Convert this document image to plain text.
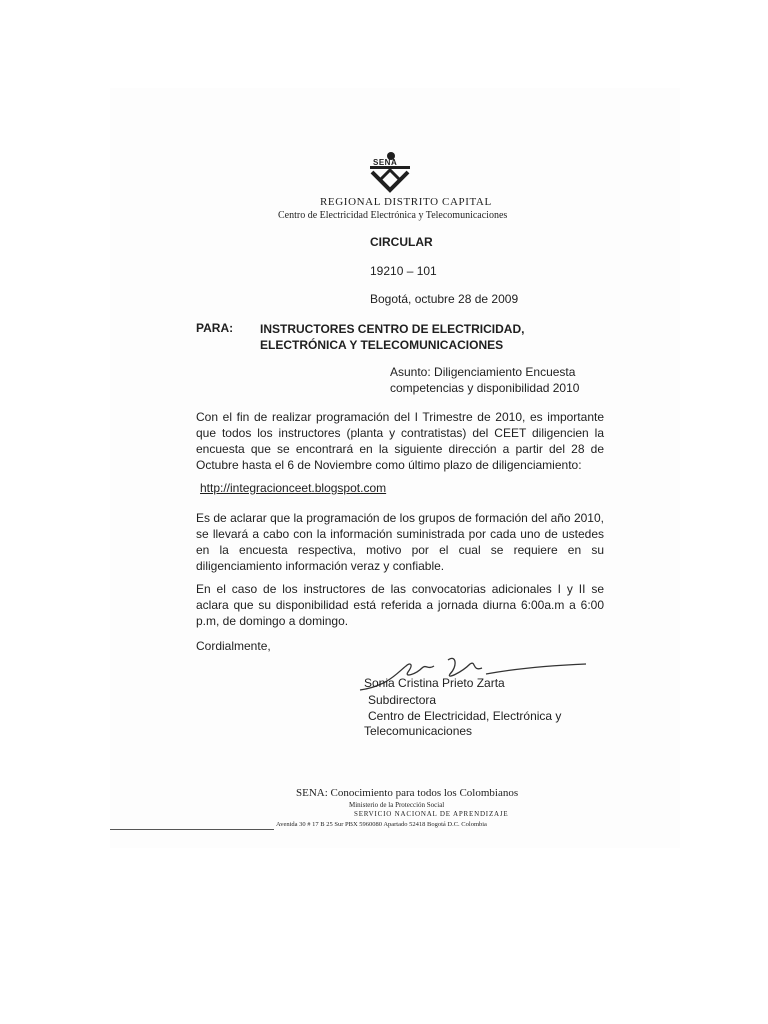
SENA
REGIONAL DISTRITO CAPITAL
Centro de Electricidad Electrónica y Telecomunicaciones
CIRCULAR
19210 – 101
Bogotá, octubre 28 de 2009
PARA: INSTRUCTORES CENTRO DE ELECTRICIDAD, ELECTRÓNICA Y TELECOMUNICACIONES
Asunto: Diligenciamiento Encuesta competencias y disponibilidad 2010
Con el fin de realizar programación del I Trimestre de 2010, es importante que todos los instructores (planta y contratistas) del CEET diligencien la encuesta que se encontrará en la siguiente dirección a partir del 28 de Octubre hasta el 6 de Noviembre como último plazo de diligenciamiento:
http://integracionceet.blogspot.com
Es de aclarar que la programación de los grupos de formación del año 2010, se llevará a cabo con la información suministrada por cada uno de ustedes en la encuesta respectiva, motivo por el cual se requiere en su diligenciamiento información veraz y confiable.
En el caso de los instructores de las convocatorias adicionales I y II se aclara que su disponibilidad está referida a jornada diurna 6:00a.m a 6:00 p.m, de domingo a domingo.
Cordialmente,
Sonia Cristina Prieto Zarta
Subdirectora
Centro de Electricidad, Electrónica y
Telecomunicaciones
SENA: Conocimiento para todos los Colombianos
Ministerio de la Protección Social
SERVICIO NACIONAL DE APRENDIZAJE
Avenida 30 # 17 B 25 Sur PBX 5960080 Apartado 52418 Bogotá D.C. Colombia
